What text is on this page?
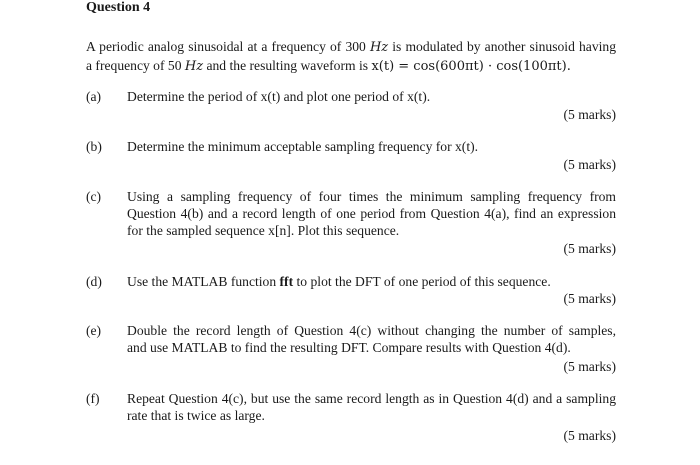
Question 4
A periodic analog sinusoidal at a frequency of 300 Hz is modulated by another sinusoid having
a frequency of 50 Hz and the resulting waveform is x(t) = cos(600πt) · cos(100πt).
(a)	Determine the period of x(t) and plot one period of x(t).
(5 marks)
(b)	Determine the minimum acceptable sampling frequency for x(t).
(5 marks)
(c)	Using a sampling frequency of four times the minimum sampling frequency from
Question 4(b) and a record length of one period from Question 4(a), find an expression
for the sampled sequence x[n]. Plot this sequence.
(5 marks)
(d)	Use the MATLAB function fft to plot the DFT of one period of this sequence.
(5 marks)
(e)	Double the record length of Question 4(c) without changing the number of samples,
and use MATLAB to find the resulting DFT. Compare results with Question 4(d).
(5 marks)
(f)	Repeat Question 4(c), but use the same record length as in Question 4(d) and a sampling
rate that is twice as large.
(5 marks)
